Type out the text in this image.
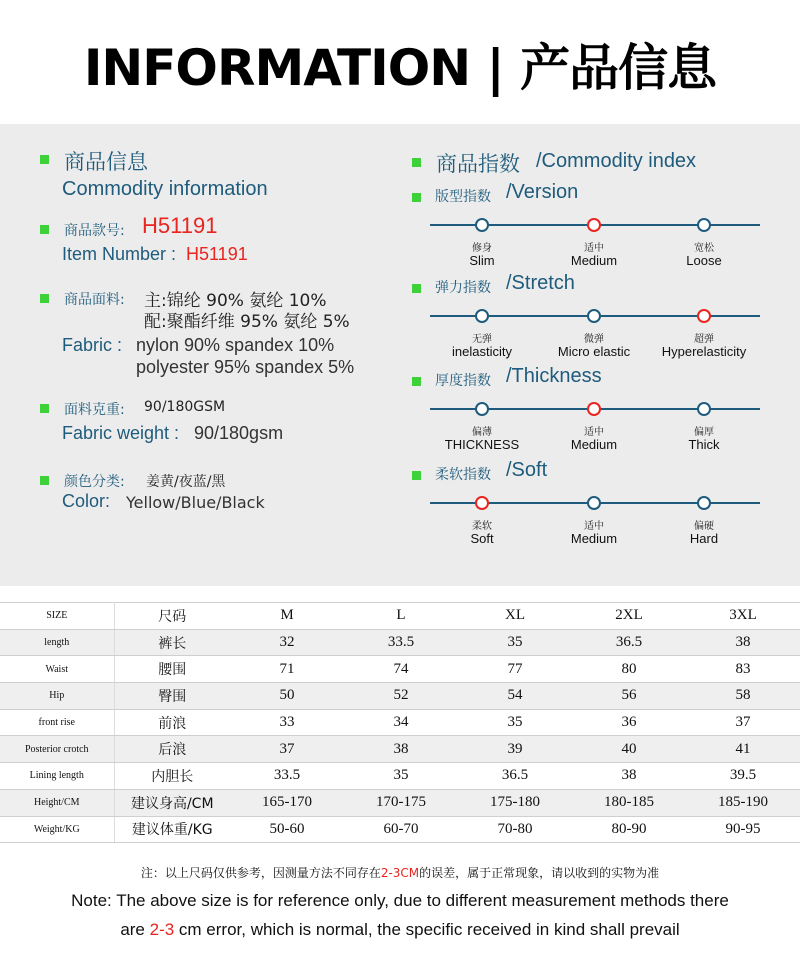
INFORMATION | 产品信息
商品信息
Commodity information
商品款号: H51191
Item Number : H51191
商品面料: 主:锦纶 90% 氨纶 10%
配:聚酯纤维 95% 氨纶 5%
Fabric : nylon 90% spandex 10%
polyester 95% spandex 5%
面料克重: 90/180GSM
Fabric weight : 90/180gsm
颜色分类: 姜黄/夜蓝/黑
Color: Yellow/Blue/Black
商品指数 /Commodity index
版型指数 /Version
修身
Slim
适中
Medium
宽松
Loose
弹力指数 /Stretch
无弹
inelasticity
微弹
Micro elastic
超弹
Hyperelasticity
厚度指数 /Thickness
偏薄
THICKNESS
适中
Medium
偏厚
Thick
柔软指数 /Soft
柔软
Soft
适中
Medium
偏硬
Hard
SIZE	尺码	M	L	XL	2XL	3XL
length	裤长	32	33.5	35	36.5	38
Waist	腰围	71	74	77	80	83
Hip	臀围	50	52	54	56	58
front rise	前浪	33	34	35	36	37
Posterior crotch	后浪	37	38	39	40	41
Lining length	内胆长	33.5	35	36.5	38	39.5
Height/CM	建议身高/CM	165-170	170-175	175-180	180-185	185-190
Weight/KG	建议体重/KG	50-60	60-70	70-80	80-90	90-95
注：以上尺码仅供参考，因测量方法不同存在2-3CM的误差，属于正常现象，请以收到的实物为准
Note: The above size is for reference only, due to different measurement methods there
are 2-3 cm error, which is normal, the specific received in kind shall prevail
